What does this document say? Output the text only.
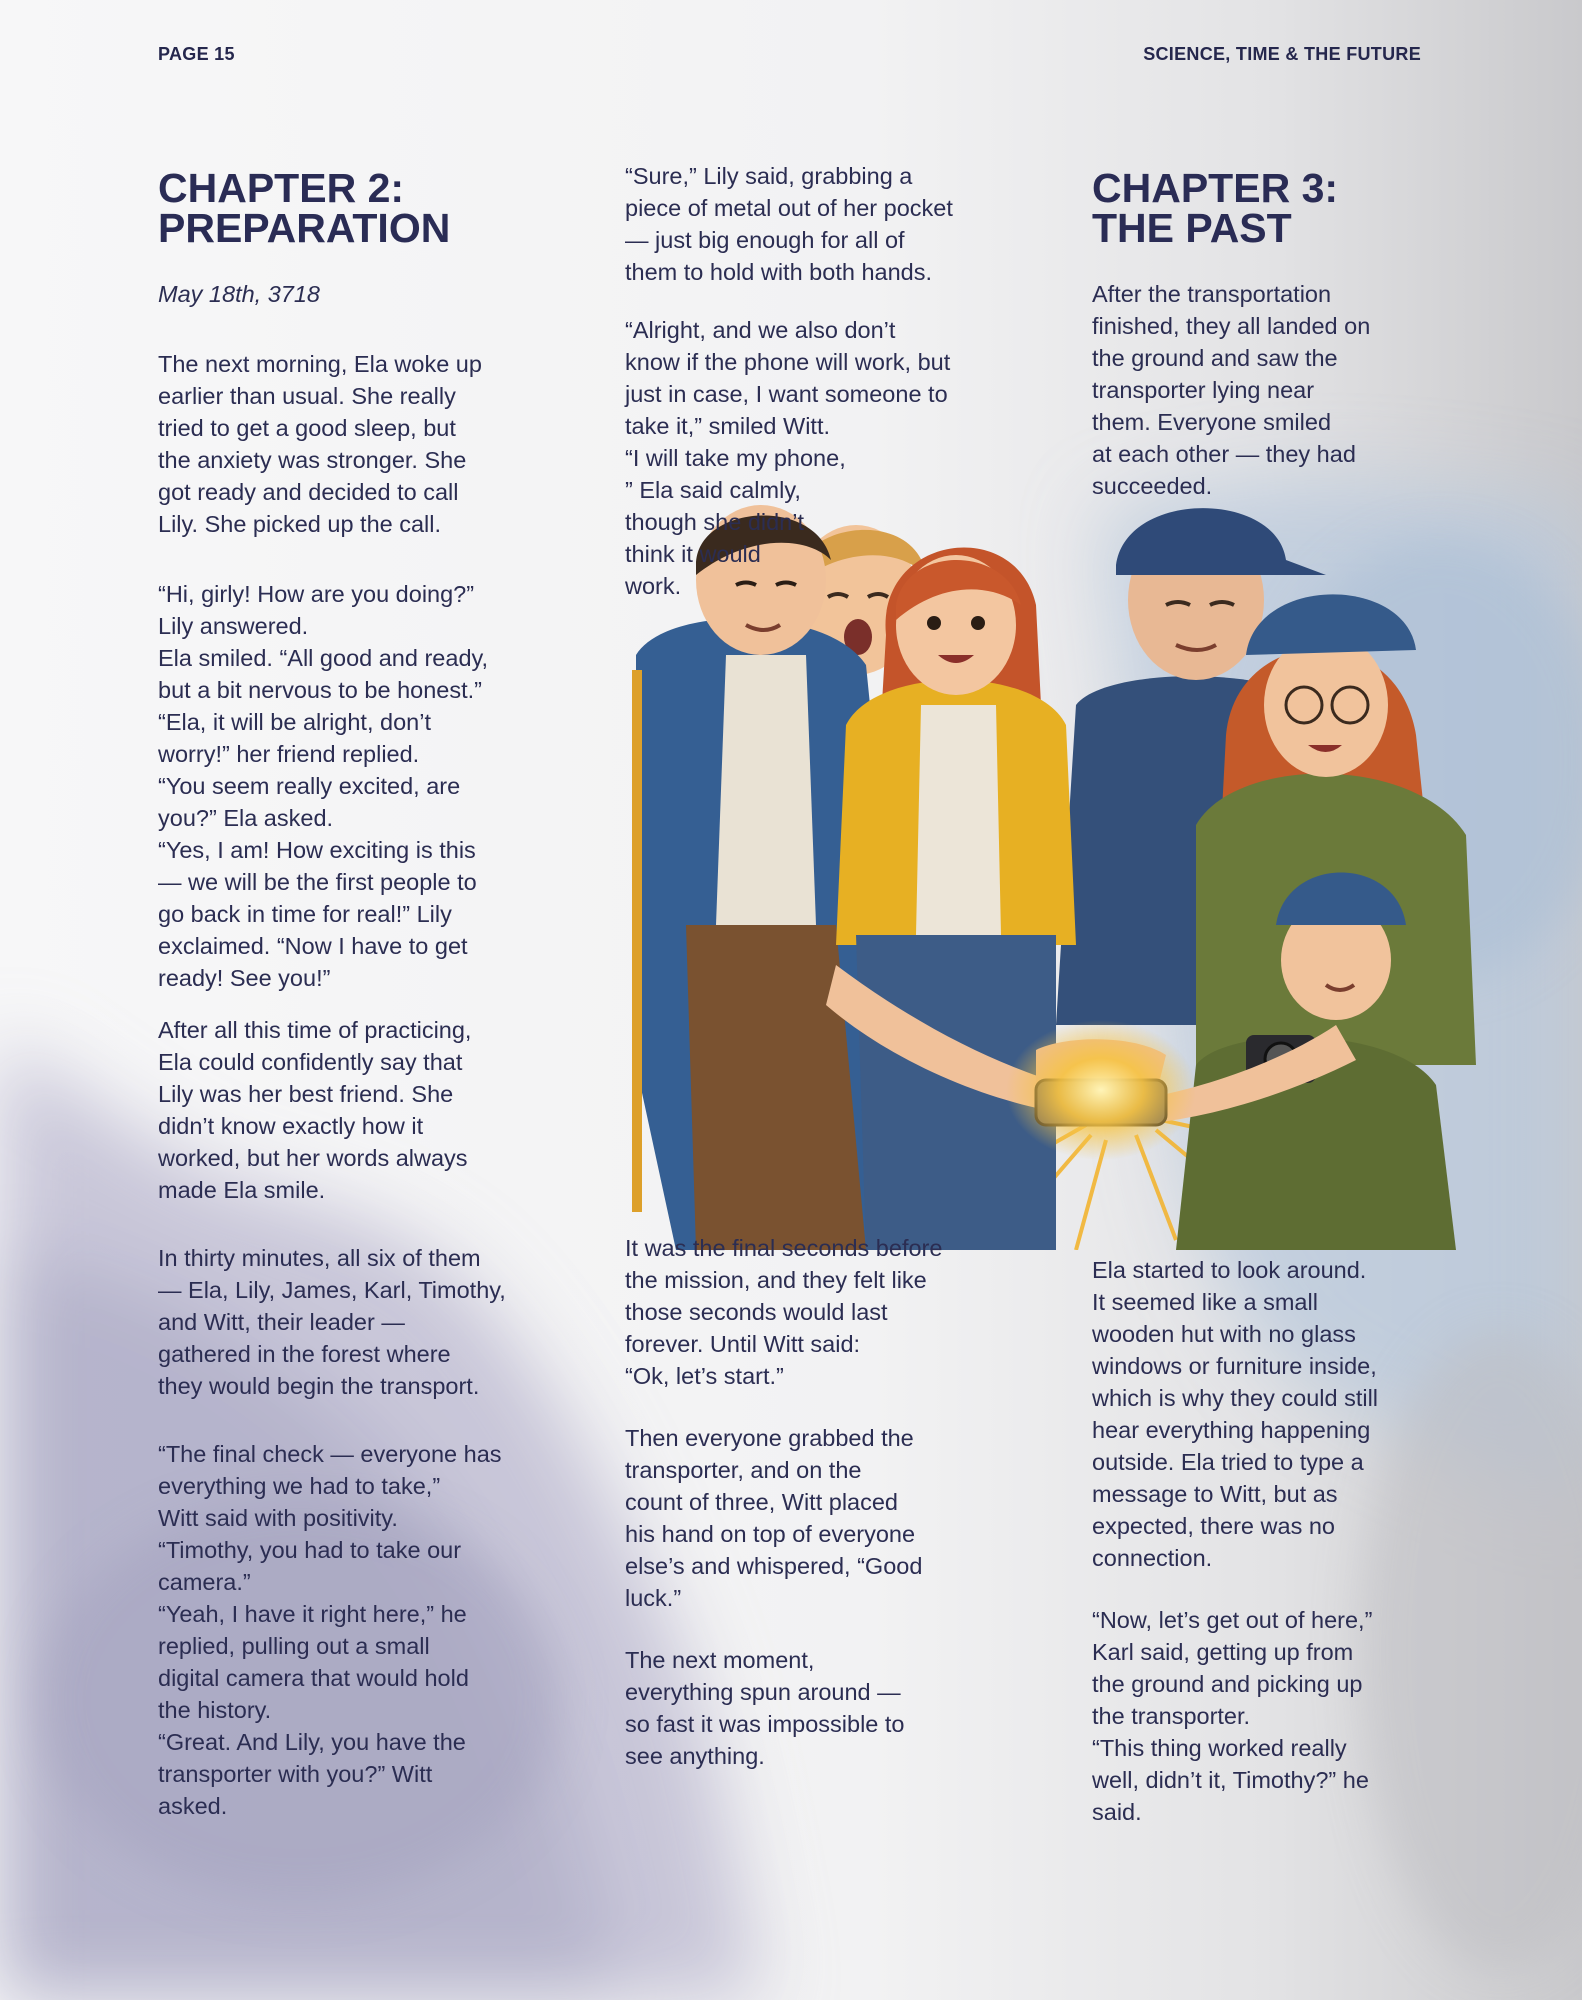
PAGE 15	SCIENCE, TIME & THE FUTURE
CHAPTER 2:
PREPARATION

May 18th, 3718

The next morning, Ela woke up
earlier than usual. She really
tried to get a good sleep, but
the anxiety was stronger. She
got ready and decided to call
Lily. She picked up the call.

“Hi, girly! How are you doing?”
Lily answered.
Ela smiled. “All good and ready,
but a bit nervous to be honest.”
“Ela, it will be alright, don’t
worry!” her friend replied.
“You seem really excited, are
you?” Ela asked.
“Yes, I am! How exciting is this
— we will be the first people to
go back in time for real!” Lily
exclaimed. “Now I have to get
ready! See you!”

After all this time of practicing,
Ela could confidently say that
Lily was her best friend. She
didn’t know exactly how it
worked, but her words always
made Ela smile.

In thirty minutes, all six of them
— Ela, Lily, James, Karl, Timothy,
and Witt, their leader —
gathered in the forest where
they would begin the transport.

“The final check — everyone has
everything we had to take,”
Witt said with positivity.
“Timothy, you had to take our
camera.”
“Yeah, I have it right here,” he
replied, pulling out a small
digital camera that would hold
the history.
“Great. And Lily, you have the
transporter with you?” Witt
asked.

“Sure,” Lily said, grabbing a
piece of metal out of her pocket
— just big enough for all of
them to hold with both hands.

“Alright, and we also don’t
know if the phone will work, but
just in case, I want someone to
take it,” smiled Witt.
“I will take my phone,
” Ela said calmly,
though she didn’t
think it would
work.

It was the final seconds before
the mission, and they felt like
those seconds would last
forever. Until Witt said:
“Ok, let’s start.”

Then everyone grabbed the
transporter, and on the
count of three, Witt placed
his hand on top of everyone
else’s and whispered, “Good
luck.”

The next moment,
everything spun around —
so fast it was impossible to
see anything.

CHAPTER 3:
THE PAST

After the transportation
finished, they all landed on
the ground and saw the
transporter lying near
them. Everyone smiled
at each other — they had
succeeded.

Ela started to look around.
It seemed like a small
wooden hut with no glass
windows or furniture inside,
which is why they could still
hear everything happening
outside. Ela tried to type a
message to Witt, but as
expected, there was no
connection.

“Now, let’s get out of here,”
Karl said, getting up from
the ground and picking up
the transporter.
“This thing worked really
well, didn’t it, Timothy?” he
said.
